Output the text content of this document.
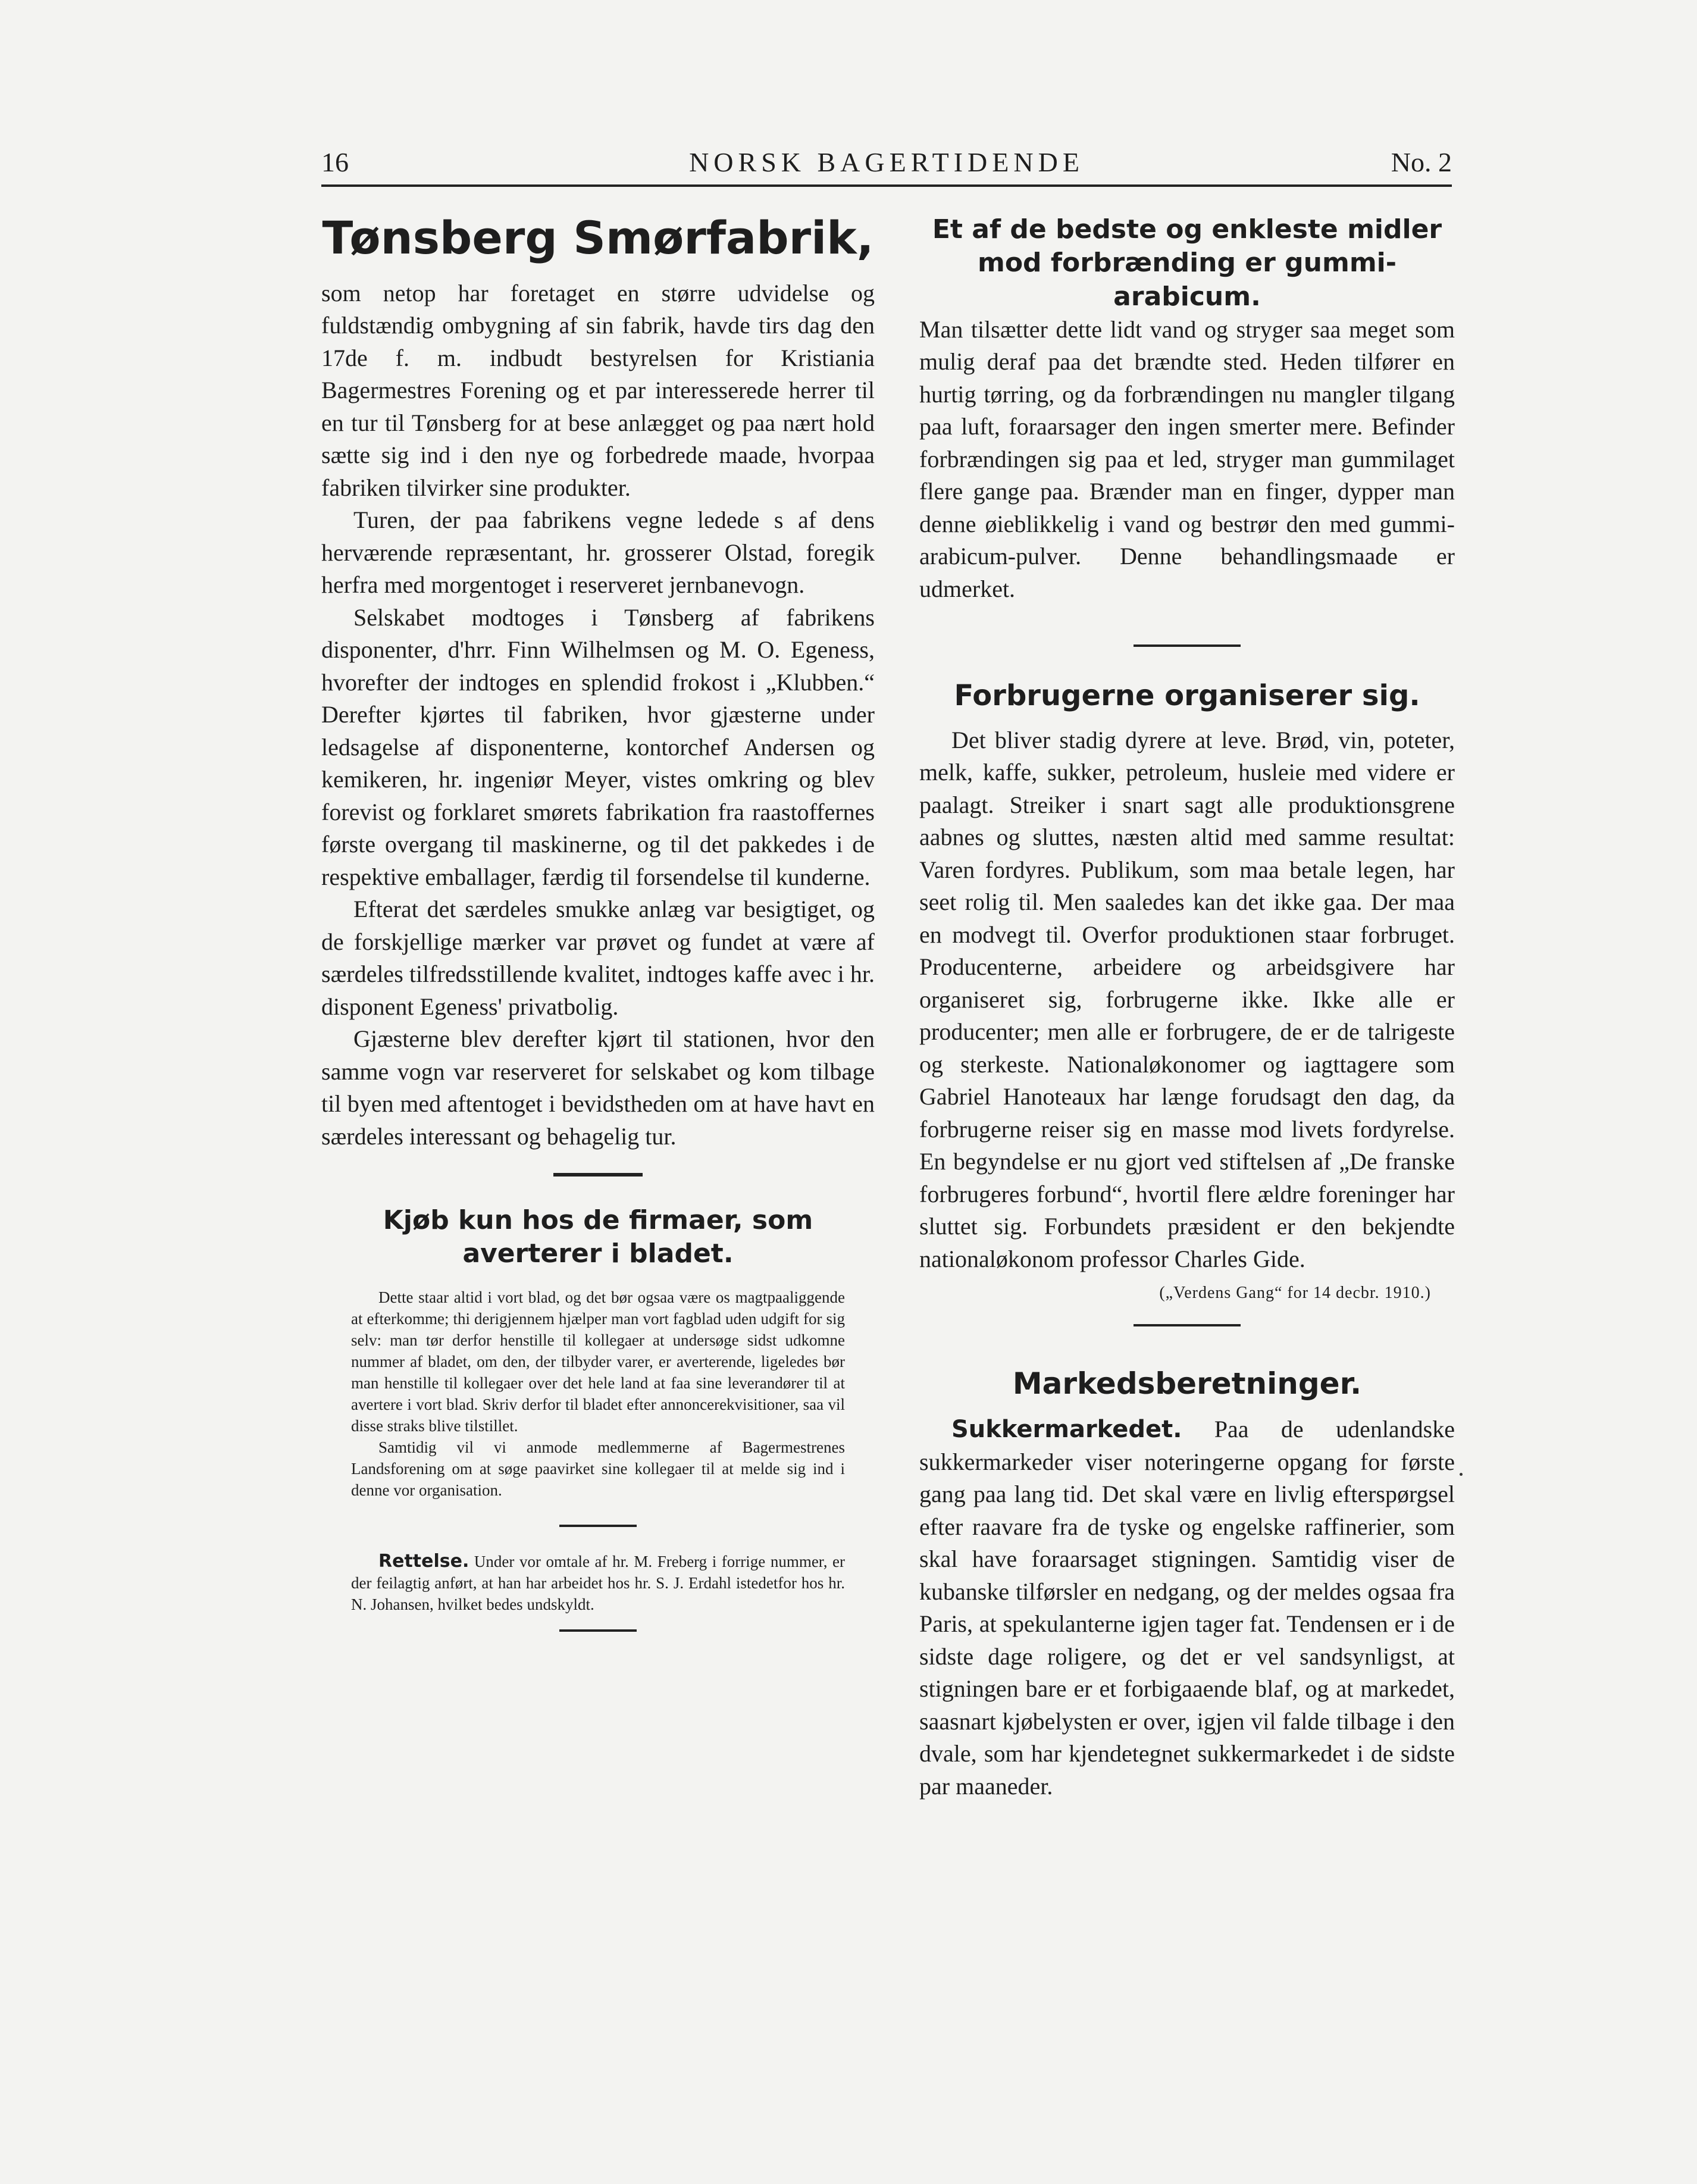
16	NORSK BAGERTIDENDE	No. 2
Tønsberg Smørfabrik,

som netop har foretaget en større udvidelse og fuldstændig ombygning af sin fabrik, havde tirs dag den 17de f. m. indbudt bestyrelsen for Kristiania Bagermestres Forening og et par interesserede herrer til en tur til Tønsberg for at bese anlægget og paa nært hold sætte sig ind i den nye og forbedrede maade, hvorpaa fabriken tilvirker sine produkter.

Turen, der paa fabrikens vegne ledede s af dens herværende repræsentant, hr. grosserer Olstad, foregik herfra med morgentoget i reserveret jernbanevogn.

Selskabet modtoges i Tønsberg af fabrikens disponenter, d'hrr. Finn Wilhelmsen og M. O. Egeness, hvorefter der indtoges en splendid frokost i „Klubben.“ Derefter kjørtes til fabriken, hvor gjæsterne under ledsagelse af disponenterne, kontorchef Andersen og kemikeren, hr. ingeniør Meyer, vistes omkring og blev forevist og forklaret smørets fabrikation fra raastoffernes første overgang til maskinerne, og til det pakkedes i de respektive emballager, færdig til forsendelse til kunderne.

Efterat det særdeles smukke anlæg var besigtiget, og de forskjellige mærker var prøvet og fundet at være af særdeles tilfredsstillende kvalitet, indtoges kaffe avec i hr. disponent Egeness' privatbolig.

Gjæsterne blev derefter kjørt til stationen, hvor den samme vogn var reserveret for selskabet og kom tilbage til byen med aftentoget i bevidstheden om at have havt en særdeles interessant og behagelig tur.

Kjøb kun hos de firmaer, som averterer i bladet.

Dette staar altid i vort blad, og det bør ogsaa være os magtpaaliggende at efterkomme; thi derigjennem hjælper man vort fagblad uden udgift for sig selv: man tør derfor henstille til kollegaer at undersøge sidst udkomne nummer af bladet, om den, der tilbyder varer, er averterende, ligeledes bør man henstille til kollegaer over det hele land at faa sine leverandører til at avertere i vort blad. Skriv derfor til bladet efter annoncerekvisitioner, saa vil disse straks blive tilstillet.

Samtidig vil vi anmode medlemmerne af Bagermestrenes Landsforening om at søge paavirket sine kollegaer til at melde sig ind i denne vor organisation.

Rettelse. Under vor omtale af hr. M. Freberg i forrige nummer, er der feilagtig anført, at han har arbeidet hos hr. S. J. Erdahl istedetfor hos hr. N. Johansen, hvilket bedes undskyldt.

Et af de bedste og enkleste midler mod forbrænding er gummi-arabicum.

Man tilsætter dette lidt vand og stryger saa meget som mulig deraf paa det brændte sted. Heden tilfører en hurtig tørring, og da forbrændingen nu mangler tilgang paa luft, foraarsager den ingen smerter mere. Befinder forbrændingen sig paa et led, stryger man gummilaget flere gange paa. Brænder man en finger, dypper man denne øieblikkelig i vand og bestrør den med gummi-arabicum-pulver. Denne behandlingsmaade er udmerket.

Forbrugerne organiserer sig.

Det bliver stadig dyrere at leve. Brød, vin, poteter, melk, kaffe, sukker, petroleum, husleie med videre er paalagt. Streiker i snart sagt alle produktionsgrene aabnes og sluttes, næsten altid med samme resultat: Varen fordyres. Publikum, som maa betale legen, har seet rolig til. Men saaledes kan det ikke gaa. Der maa en modvegt til. Overfor produktionen staar forbruget. Producenterne, arbeidere og arbeidsgivere har organiseret sig, forbrugerne ikke. Ikke alle er producenter; men alle er forbrugere, de er de talrigeste og sterkeste. Nationaløkonomer og iagttagere som Gabriel Hanoteaux har længe forudsagt den dag, da forbrugerne reiser sig en masse mod livets fordyrelse. En begyndelse er nu gjort ved stiftelsen af „De franske forbrugeres forbund“, hvortil flere ældre foreninger har sluttet sig. Forbundets præsident er den bekjendte nationaløkonom professor Charles Gide.

(„Verdens Gang“ for 14 decbr. 1910.)
Markedsberetninger.

Sukkermarkedet. Paa de udenlandske sukkermarkeder viser noteringerne opgang for første gang paa lang tid. Det skal være en livlig efterspørgsel efter raavare fra de tyske og engelske raffinerier, som skal have foraarsaget stigningen. Samtidig viser de kubanske tilførsler en nedgang, og der meldes ogsaa fra Paris, at spekulanterne igjen tager fat. Tendensen er i de sidste dage roligere, og det er vel sandsynligst, at stigningen bare er et forbigaaende blaf, og at markedet, saasnart kjøbelysten er over, igjen vil falde tilbage i den dvale, som har kjendetegnet sukkermarkedet i de sidste par maaneder.
